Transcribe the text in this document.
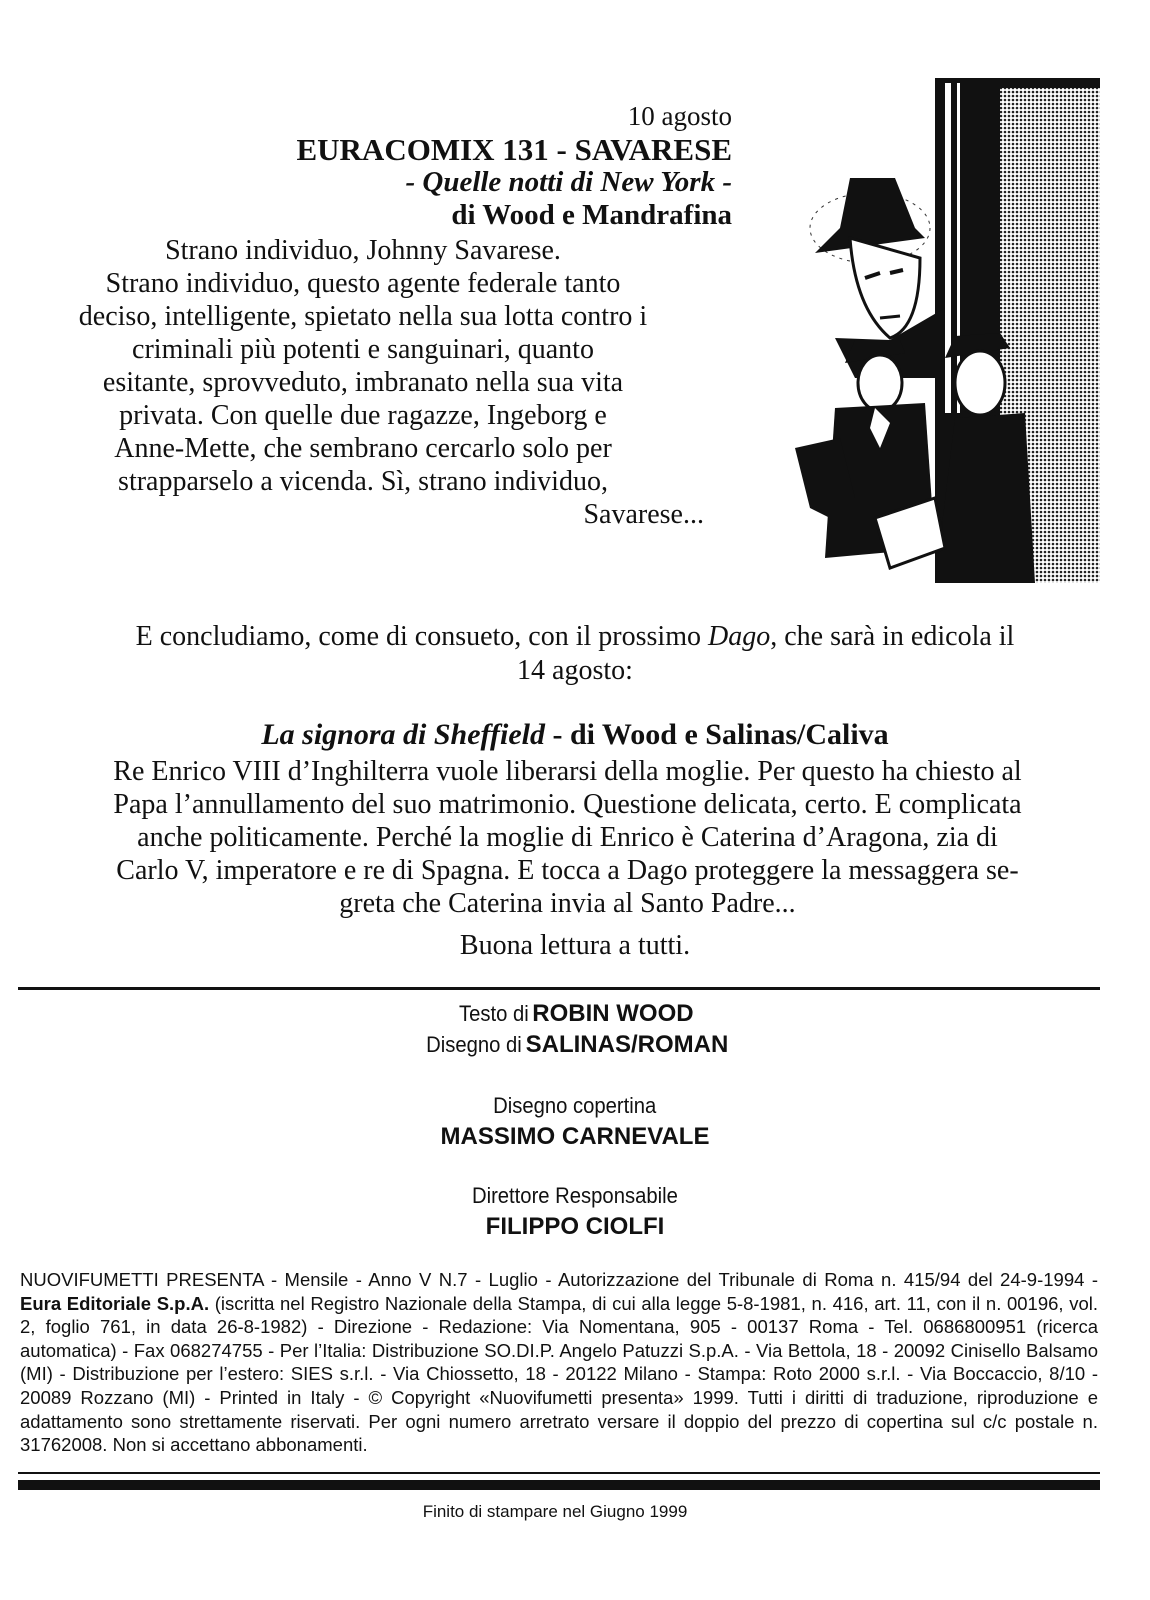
10 agosto
EURACOMIX 131 - SAVARESE
- Quelle notti di New York -
di Wood e Mandrafina
Strano individuo, Johnny Savarese.
Strano individuo, questo agente federale tanto
deciso, intelligente, spietato nella sua lotta contro i
criminali più potenti e sanguinari, quanto
esitante, sprovveduto, imbranato nella sua vita
privata. Con quelle due ragazze, Ingeborg e
Anne-Mette, che sembrano cercarlo solo per
strapparselo a vicenda. Sì, strano individuo,
Savarese...
E concludiamo, come di consueto, con il prossimo Dago, che sarà in edicola il
14 agosto:
La signora di Sheffield - di Wood e Salinas/Caliva
Re Enrico VIII d’Inghilterra vuole liberarsi della moglie. Per questo ha chiesto al
Papa l’annullamento del suo matrimonio. Questione delicata, certo. E complicata
anche politicamente. Perché la moglie di Enrico è Caterina d’Aragona, zia di
Carlo V, imperatore e re di Spagna. E tocca a Dago proteggere la messaggera se-
greta che Caterina invia al Santo Padre...
Buona lettura a tutti.
Testo diROBIN WOOD
Disegno diSALINAS/ROMAN
Disegno copertina
MASSIMO CARNEVALE
Direttore Responsabile
FILIPPO CIOLFI
NUOVIFUMETTI PRESENTA - Mensile - Anno V N.7 - Luglio - Autorizzazione del Tribunale di Roma n. 415/94 del 24-9-1994 - Eura Editoriale S.p.A. (iscritta nel Registro Nazionale della Stampa, di cui alla legge 5-8-1981, n. 416, art. 11, con il n. 00196, vol. 2, foglio 761, in data 26-8-1982) - Direzione - Redazione: Via Nomentana, 905 - 00137 Roma - Tel. 0686800951 (ricerca automatica) - Fax 068274755 - Per l’Italia: Distribuzione SO.DI.P. Angelo Patuzzi S.p.A. - Via Bettola, 18 - 20092 Cinisello Balsamo (MI) - Distribuzione per l’estero: SIES s.r.l. - Via Chiossetto, 18 - 20122 Milano - Stampa: Roto 2000 s.r.l. - Via Boccaccio, 8/10 - 20089 Rozzano (MI) - Printed in Italy - © Copyright «Nuovifumetti presenta» 1999. Tutti i diritti di traduzione, riproduzione e adattamento sono strettamente riservati. Per ogni numero arretrato versare il doppio del prezzo di copertina sul c/c postale n. 31762008. Non si accettano abbonamenti.
Finito di stampare nel Giugno 1999
